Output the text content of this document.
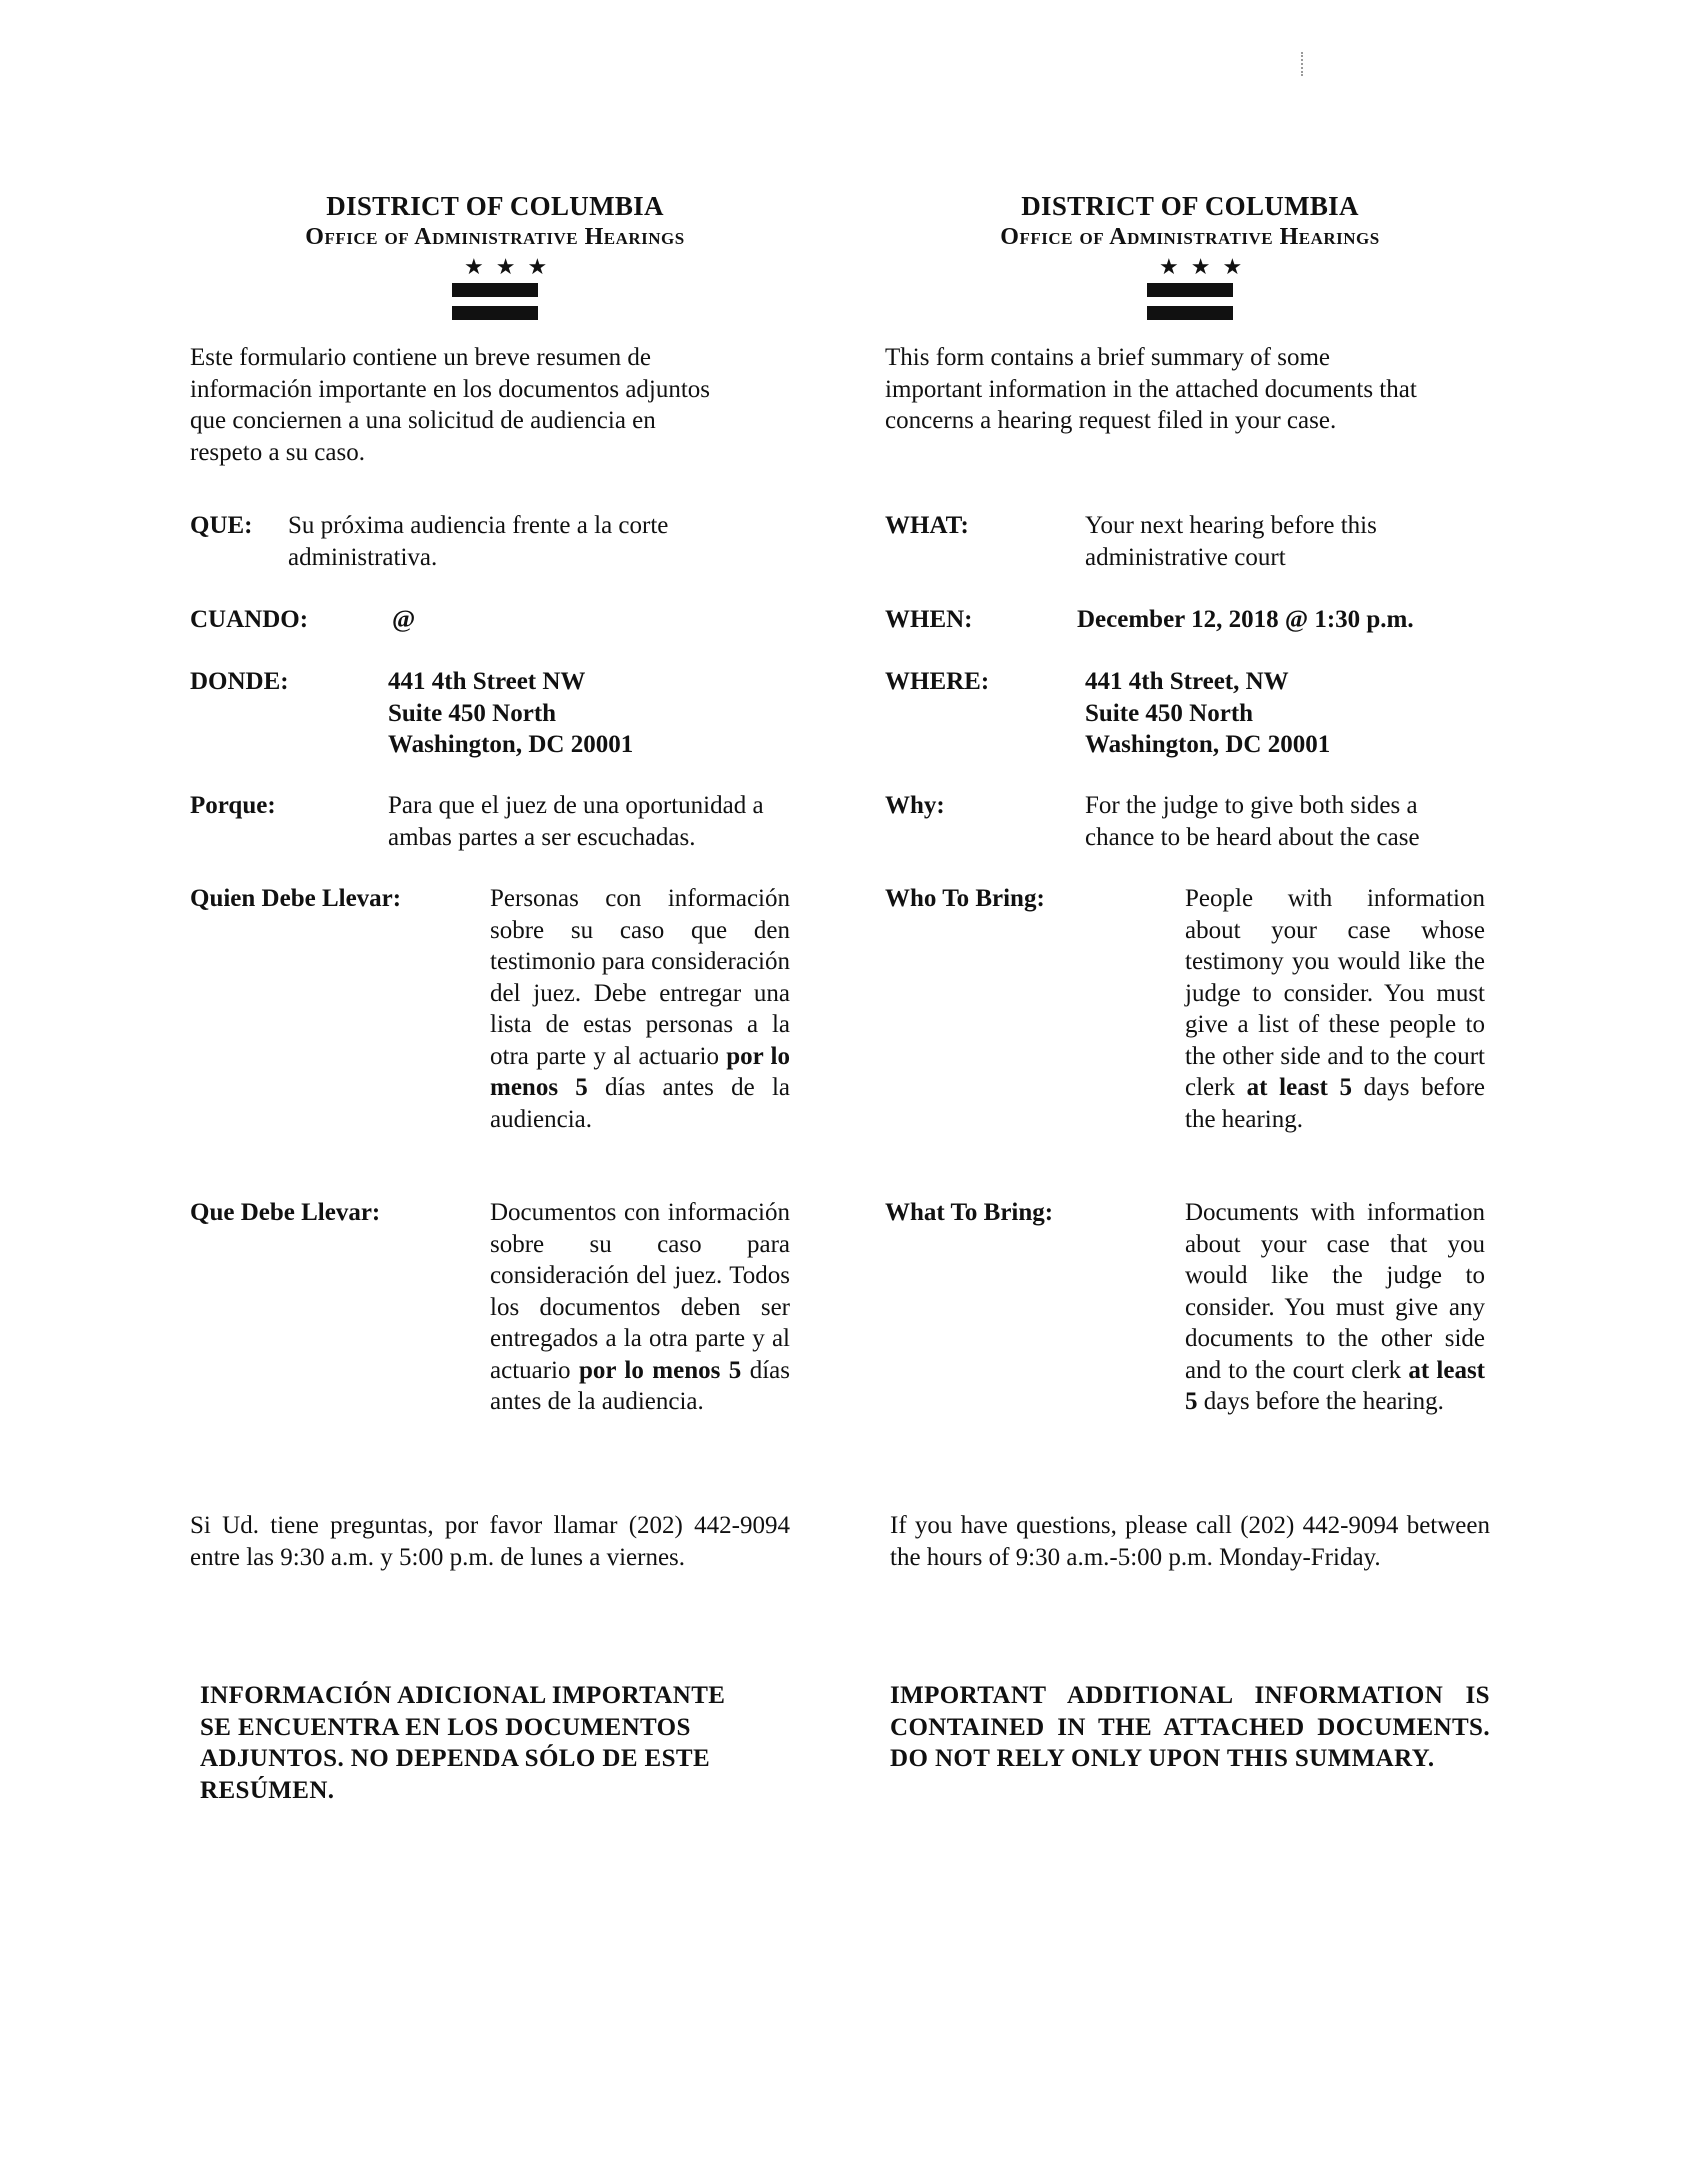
DISTRICT OF COLUMBIA
Office of Administrative Hearings
★★★
Este formulario contiene un breve resumen de
información importante en los documentos adjuntos
que conciernen a una solicitud de audiencia en
respeto a su caso.
QUE: Su próxima audiencia frente a la corte administrativa.
CUANDO:	@
DONDE:	441 4th Street NW
Suite 450 North
Washington, DC 20001
Porque:	Para que el juez de una oportunidad a ambas partes a ser escuchadas.
Quien Debe Llevar:	Personas con información sobre su caso que den testimonio para consideración del juez. Debe entregar una lista de estas personas a la otra parte y al actuario por lo menos 5 días antes de la audiencia.
Que Debe Llevar:	Documentos con información sobre su caso para consideración del juez. Todos los documentos deben ser entregados a la otra parte y al actuario por lo menos 5 días antes de la audiencia.
Si Ud. tiene preguntas, por favor llamar (202) 442-9094 entre las 9:30 a.m. y 5:00 p.m. de lunes a viernes.
INFORMACIÓN ADICIONAL IMPORTANTE
SE ENCUENTRA EN LOS DOCUMENTOS
ADJUNTOS. NO DEPENDA SÓLO DE ESTE
RESÚMEN.
DISTRICT OF COLUMBIA
Office of Administrative Hearings
★★★
This form contains a brief summary of some
important information in the attached documents that
concerns a hearing request filed in your case.
WHAT:	Your next hearing before this administrative court
WHEN:	December 12, 2018 @ 1:30 p.m.
WHERE:	441 4th Street, NW
Suite 450 North
Washington, DC 20001
Why:	For the judge to give both sides a chance to be heard about the case
Who To Bring:	People with information about your case whose testimony you would like the judge to consider. You must give a list of these people to the other side and to the court clerk at least 5 days before the hearing.
What To Bring:	Documents with information about your case that you would like the judge to consider. You must give any documents to the other side and to the court clerk at least 5 days before the hearing.
If you have questions, please call (202) 442-9094 between the hours of 9:30 a.m.-5:00 p.m. Monday-Friday.
IMPORTANT ADDITIONAL INFORMATION IS CONTAINED IN THE ATTACHED DOCUMENTS. DO NOT RELY ONLY UPON THIS SUMMARY.
